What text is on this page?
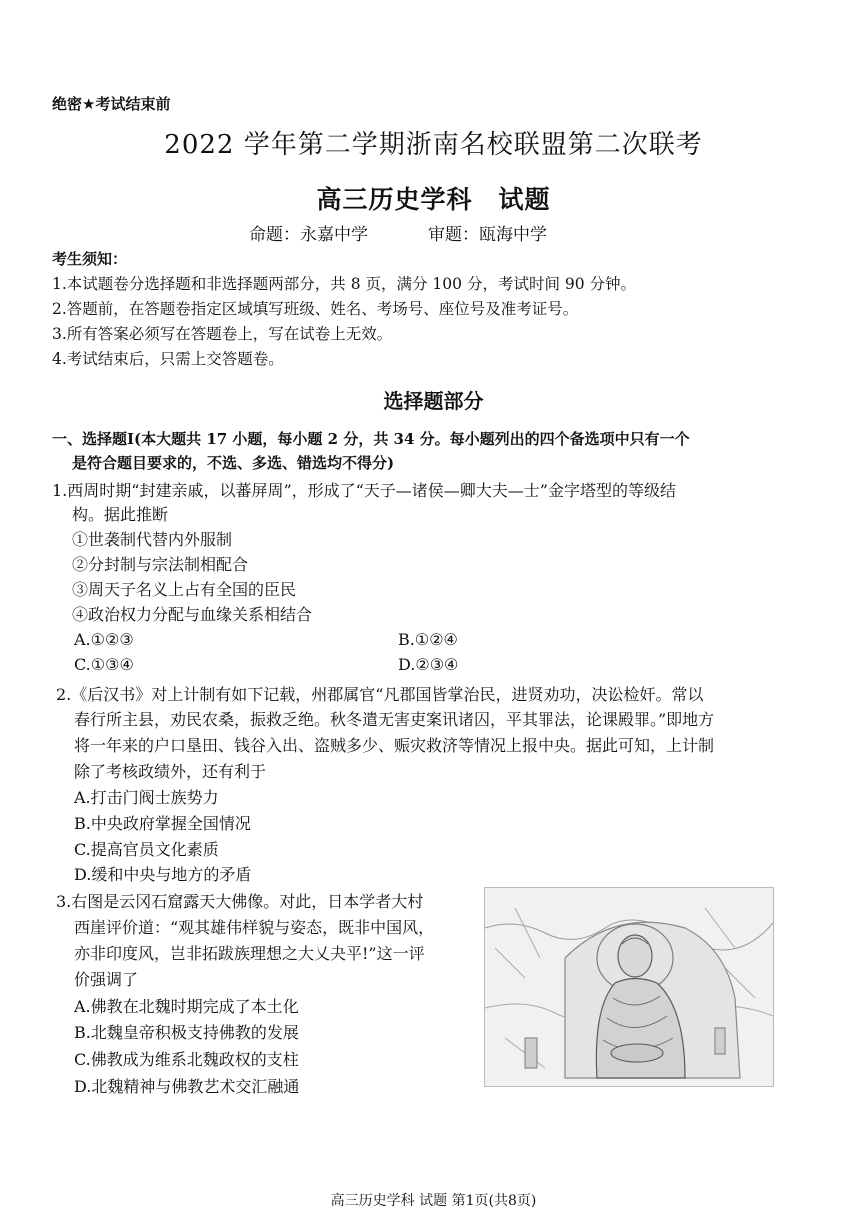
绝密★考试结束前
2022 学年第二学期浙南名校联盟第二次联考
高三历史学科　试题
命题：永嘉中学	审题：瓯海中学
考生须知：
1.本试题卷分选择题和非选择题两部分，共 8 页，满分 100 分，考试时间 90 分钟。
2.答题前，在答题卷指定区域填写班级、姓名、考场号、座位号及准考证号。
3.所有答案必须写在答题卷上，写在试卷上无效。
4.考试结束后，只需上交答题卷。
选择题部分
一、选择题Ⅰ(本大题共 17 小题，每小题 2 分，共 34 分。每小题列出的四个备选项中只有一个
是符合题目要求的，不选、多选、错选均不得分)
1.西周时期“封建亲戚，以蕃屏周”，形成了“天子—诸侯—卿大夫—士”金字塔型的等级结
构。据此推断
①世袭制代替内外服制
②分封制与宗法制相配合
③周天子名义上占有全国的臣民
④政治权力分配与血缘关系相结合
A.①②③	B.①②④
C.①③④	D.②③④
2.《后汉书》对上计制有如下记载，州郡属官“凡郡国皆掌治民，进贤劝功，决讼检奸。常以
春行所主县，劝民农桑，振救乏绝。秋冬遣无害吏案讯诸囚，平其罪法，论课殿罪。”即地方
将一年来的户口垦田、钱谷入出、盗贼多少、赈灾救济等情况上报中央。据此可知，上计制
除了考核政绩外，还有利于
A.打击门阀士族势力
B.中央政府掌握全国情况
C.提高官员文化素质
D.缓和中央与地方的矛盾
3.右图是云冈石窟露天大佛像。对此，日本学者大村
西崖评价道：“观其雄伟样貌与姿态，既非中国风，
亦非印度风，岂非拓跋族理想之大乂夬平!”这一评
价强调了
A.佛教在北魏时期完成了本土化
B.北魏皇帝积极支持佛教的发展
C.佛教成为维系北魏政权的支柱
D.北魏精神与佛教艺术交汇融通
高三历史学科 试题 第1页(共8页)
